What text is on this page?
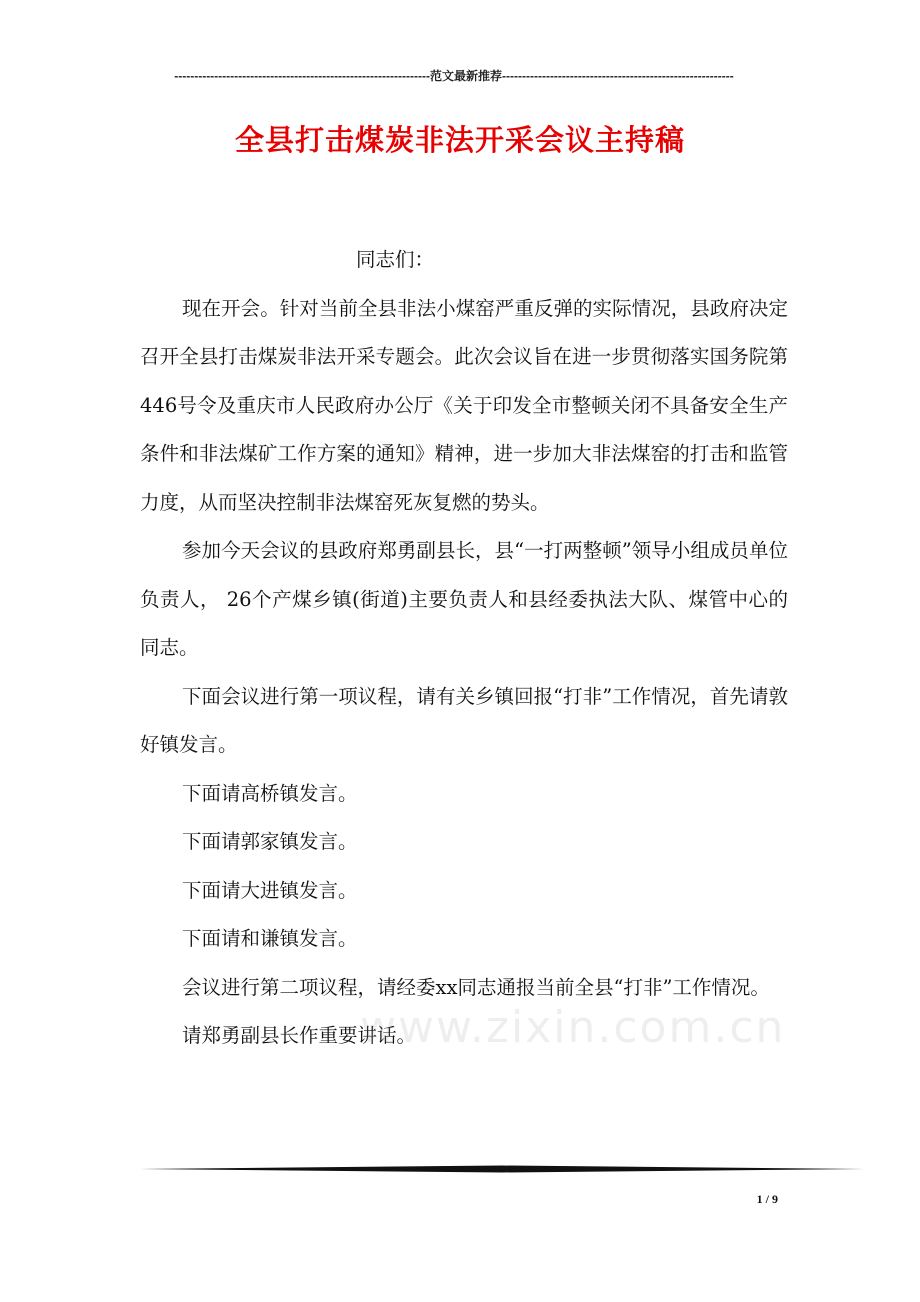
----------------------------------------------------------------范文最新推荐----------------------------------------------------------
全县打击煤炭非法开采会议主持稿

同志们：

现在开会。针对当前全县非法小煤窑严重反弹的实际情况，县政府决定召开全县打击煤炭非法开采专题会。此次会议旨在进一步贯彻落实国务院第446号令及重庆市人民政府办公厅《关于印发全市整顿关闭不具备安全生产条件和非法煤矿工作方案的通知》精神，进一步加大非法煤窑的打击和监管力度，从而坚决控制非法煤窑死灰复燃的势头。

参加今天会议的县政府郑勇副县长，县“一打两整顿”领导小组成员单位负责人， 26个产煤乡镇(街道)主要负责人和县经委执法大队、煤管中心的同志。

下面会议进行第一项议程，请有关乡镇回报“打非”工作情况，首先请敦好镇发言。

下面请高桥镇发言。

下面请郭家镇发言。

下面请大进镇发言。

下面请和谦镇发言。

会议进行第二项议程，请经委xx同志通报当前全县“打非”工作情况。

请郑勇副县长作重要讲话。

www.zixin.com.cn
1 / 9
